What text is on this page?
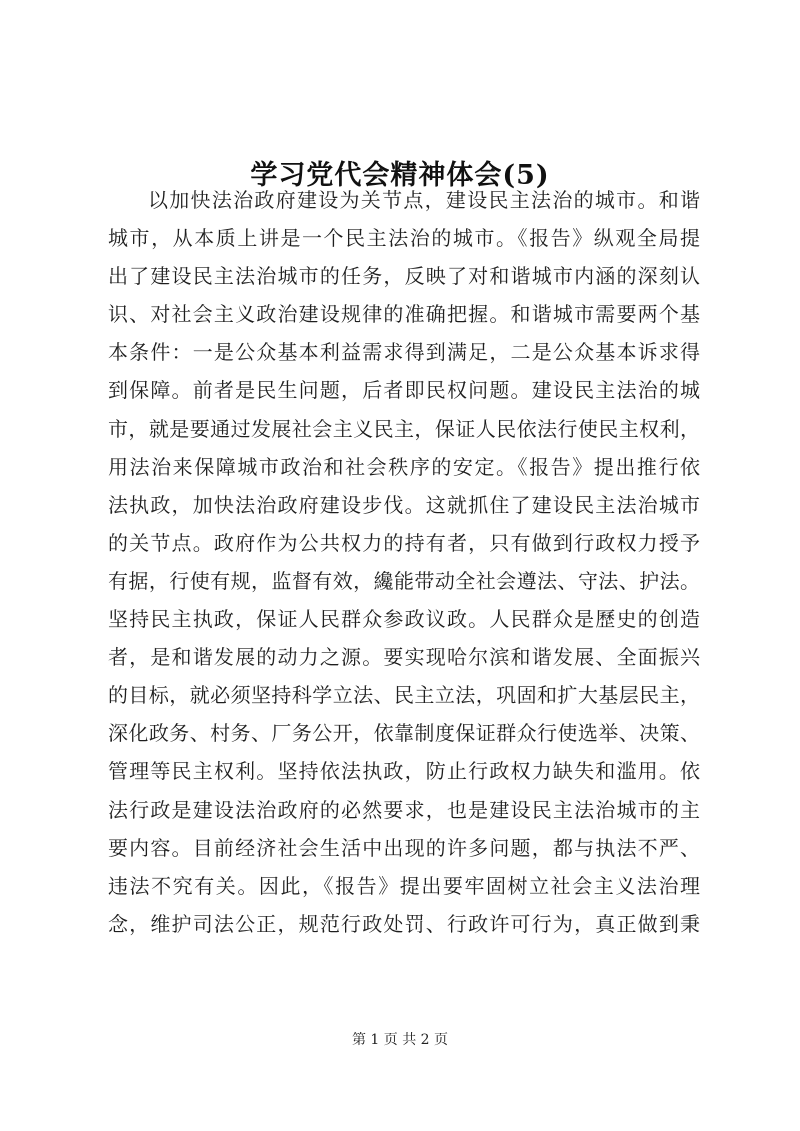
学习党代会精神体会(5)
以加快法治政府建设为关节点，建设民主法治的城市。和谐
城市，从本质上讲是一个民主法治的城市。《报告》纵观全局提
出了建设民主法治城市的任务，反映了对和谐城市内涵的深刻认
识、对社会主义政治建设规律的准确把握。和谐城市需要两个基
本条件：一是公众基本利益需求得到满足，二是公众基本诉求得
到保障。前者是民生问题，后者即民权问题。建设民主法治的城
市，就是要通过发展社会主义民主，保证人民依法行使民主权利，
用法治来保障城市政治和社会秩序的安定。《报告》提出推行依
法执政，加快法治政府建设步伐。这就抓住了建设民主法治城市
的关节点。政府作为公共权力的持有者，只有做到行政权力授予
有据，行使有规，监督有效，纔能带动全社会遵法、守法、护法。
坚持民主执政，保证人民群众参政议政。人民群众是歷史的创造
者，是和谐发展的动力之源。要实现哈尔滨和谐发展、全面振兴
的目标，就必须坚持科学立法、民主立法，巩固和扩大基层民主，
深化政务、村务、厂务公开，依靠制度保证群众行使选举、决策、
管理等民主权利。坚持依法执政，防止行政权力缺失和滥用。依
法行政是建设法治政府的必然要求，也是建设民主法治城市的主
要内容。目前经济社会生活中出现的许多问题，都与执法不严、
违法不究有关。因此，《报告》提出要牢固树立社会主义法治理
念，维护司法公正，规范行政处罚、行政许可行为，真正做到秉
第 1 页 共 2 页
